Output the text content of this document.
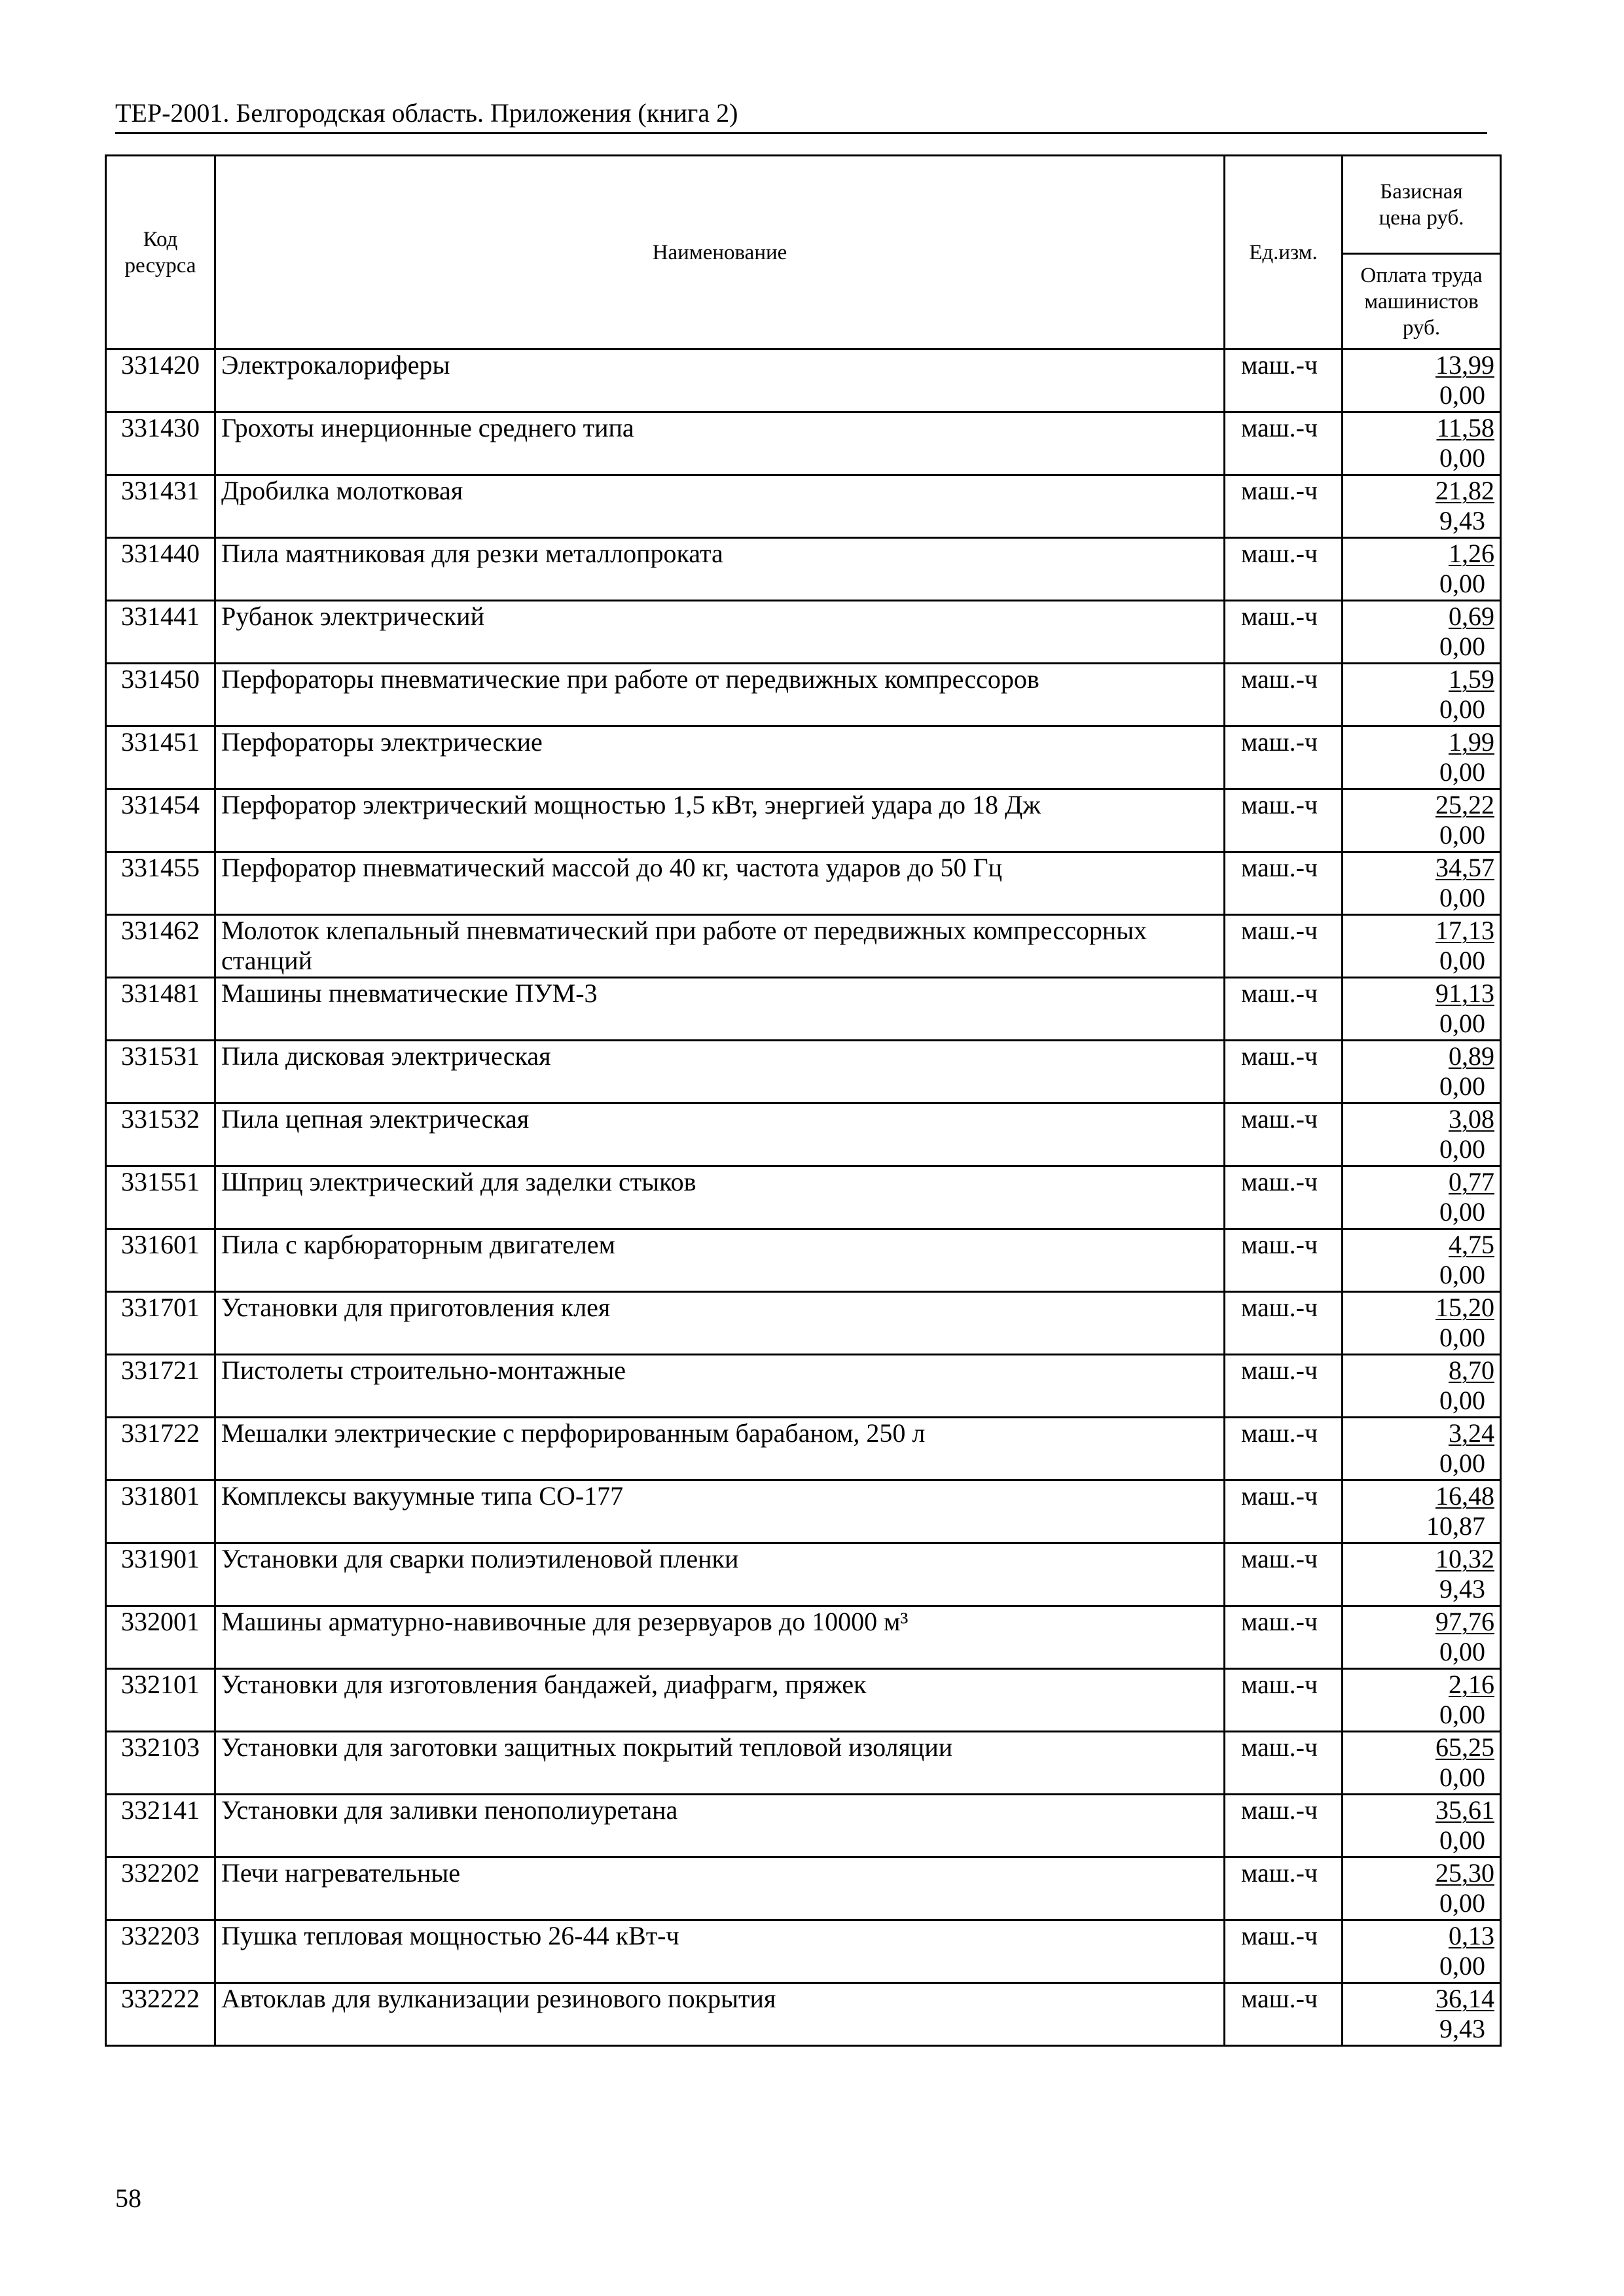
ТЕР-2001. Белгородская область. Приложения (книга 2)
Код ресурса	Наименование	Ед.изм.	Базисная цена руб.
			Оплата труда машинистов руб.
331420	Электрокалориферы	маш.-ч	13,99
0,00

331430	Грохоты инерционные среднего типа	маш.-ч	11,58
0,00

331431	Дробилка молотковая	маш.-ч	21,82
9,43

331440	Пила маятниковая для резки металлопроката	маш.-ч	1,26
0,00

331441	Рубанок электрический	маш.-ч	0,69
0,00

331450	Перфораторы пневматические при работе от передвижных компрессоров	маш.-ч	1,59
0,00

331451	Перфораторы электрические	маш.-ч	1,99
0,00

331454	Перфоратор электрический мощностью 1,5 кВт, энергией удара до 18 Дж	маш.-ч	25,22
0,00

331455	Перфоратор пневматический массой до 40 кг, частота ударов до 50 Гц	маш.-ч	34,57
0,00

331462	Молоток клепальный пневматический при работе от передвижных компрессорных станций	маш.-ч	17,13
0,00

331481	Машины пневматические ПУМ-3	маш.-ч	91,13
0,00

331531	Пила дисковая электрическая	маш.-ч	0,89
0,00

331532	Пила цепная электрическая	маш.-ч	3,08
0,00

331551	Шприц электрический для заделки стыков	маш.-ч	0,77
0,00

331601	Пила с карбюраторным двигателем	маш.-ч	4,75
0,00

331701	Установки для приготовления клея	маш.-ч	15,20
0,00

331721	Пистолеты строительно-монтажные	маш.-ч	8,70
0,00

331722	Мешалки электрические с перфорированным барабаном, 250 л	маш.-ч	3,24
0,00

331801	Комплексы вакуумные типа СО-177	маш.-ч	16,48
10,87

331901	Установки для сварки полиэтиленовой пленки	маш.-ч	10,32
9,43

332001	Машины арматурно-навивочные для резервуаров до 10000 м³	маш.-ч	97,76
0,00

332101	Установки для изготовления бандажей, диафрагм, пряжек	маш.-ч	2,16
0,00

332103	Установки для заготовки защитных покрытий тепловой изоляции	маш.-ч	65,25
0,00

332141	Установки для заливки пенополиуретана	маш.-ч	35,61
0,00

332202	Печи нагревательные	маш.-ч	25,30
0,00

332203	Пушка тепловая мощностью 26-44 кВт-ч	маш.-ч	0,13
0,00

332222	Автоклав для вулканизации резинового покрытия	маш.-ч	36,14
9,43
58
